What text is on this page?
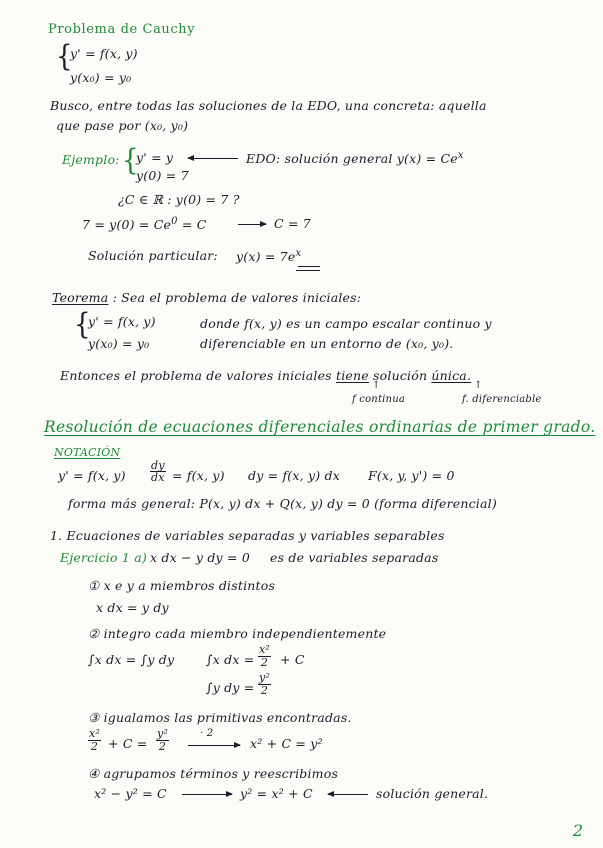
Problema de Cauchy
{
y' = f(x, y)
y(x₀) = y₀
Busco, entre todas las soluciones de la EDO, una concreta: aquella
que pase por (x₀, y₀)
Ejemplo: {
y' = y
y(0) = 7
EDO: solución general $y(x) = Ce^x$
¿C ∈ ℝ : y(0) = 7 ?
$7 = y(0) = Ce^0 = C$	C = 7
Solución particular: $y(x) = 7e^x$
Teorema : Sea el problema de valores iniciales:
{
y' = f(x, y)
y(x₀) = y₀
donde f(x, y) es un campo escalar continuo y
diferenciable en un entorno de (x₀, y₀).
Entonces el problema de valores iniciales tiene solución única.
↑	↑
f continua	f. diferenciable
Resolución de ecuaciones diferenciales ordinarias de primer grado.
NOTACIÓN
y' = f(x, $y) \frac{dy}{dx} = f(x$, y) dy = f(x, y) dx F(x, y, y') = 0
forma más general: P(x, y) dx + Q(x, y) dy = 0 (forma diferencial)
1. Ecuaciones de variables separadas y variables separables
Ejercicio 1 a) x dx − y dy = 0 es de variables separadas
① x e y a miembros distintos
x dx = y dy
② integro cada miembro independientemente
∫x dx = ∫y dy	∫x dx = $\frac{\text{x²}}{2} + C$
∫y dy = $\frac{\text{y²}}{2}$
③ igualamos las primitivas encontradas.
$\frac{\text{x²}}{2} + C = \frac{\text{y²}}{2}$	· 2
x² + C = y²
④ agrupamos términos y reescribimos
x² − y² = C	y² = x² + C	solución general.
2
